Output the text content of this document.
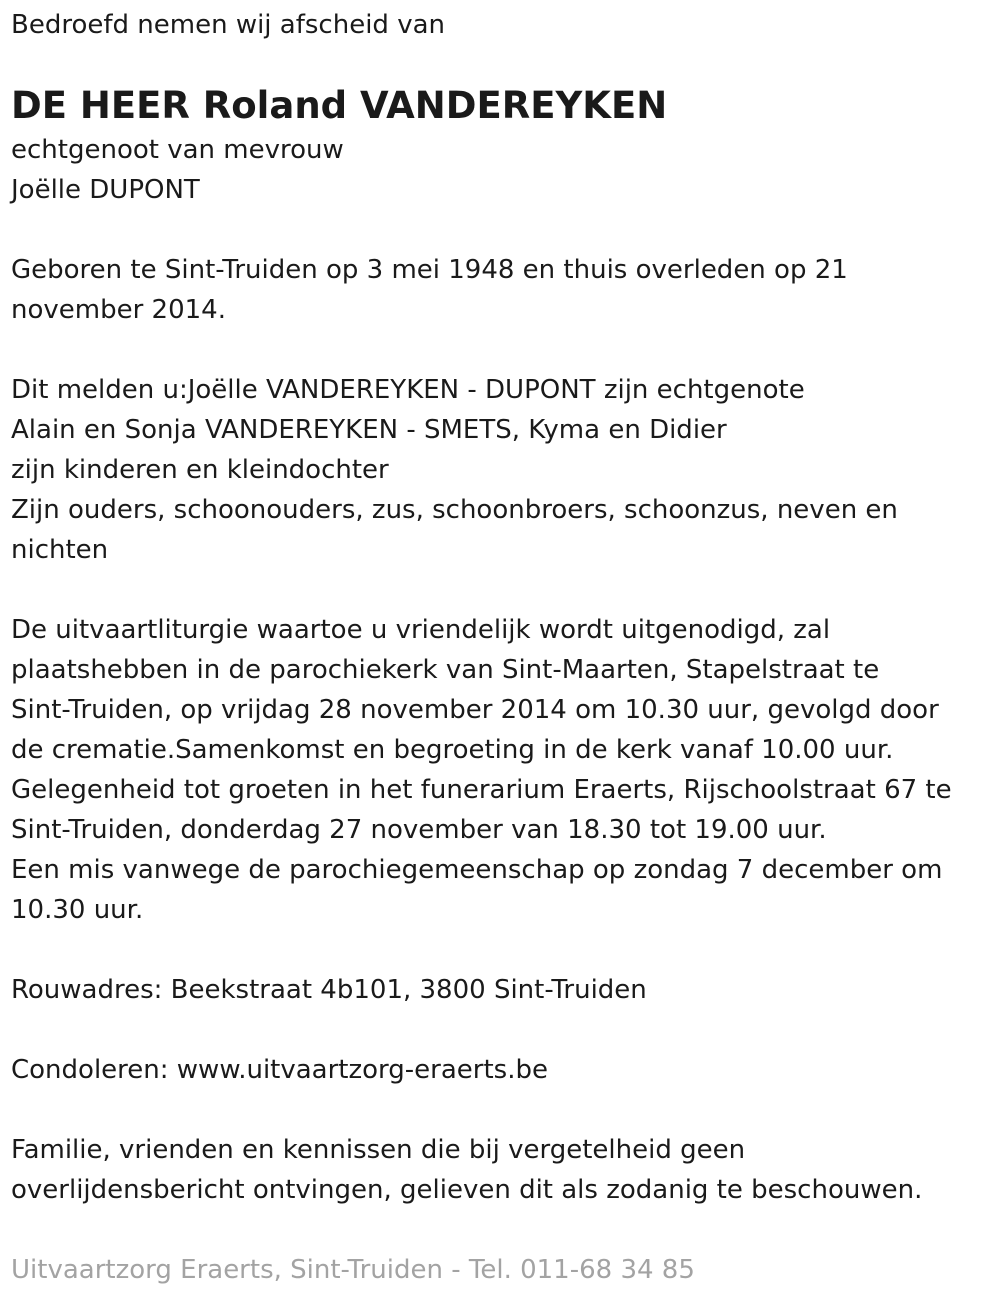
Bedroefd nemen wij afscheid van
DE HEER Roland VANDEREYKEN
echtgenoot van mevrouw
Joëlle DUPONT
Geboren te Sint-Truiden op 3 mei 1948 en thuis overleden op 21
november 2014.
Dit melden u:Joëlle VANDEREYKEN - DUPONT zijn echtgenote
Alain en Sonja VANDEREYKEN - SMETS, Kyma en Didier
zijn kinderen en kleindochter
Zijn ouders, schoonouders, zus, schoonbroers, schoonzus, neven en
nichten
De uitvaartliturgie waartoe u vriendelijk wordt uitgenodigd, zal
plaatshebben in de parochiekerk van Sint-Maarten, Stapelstraat te
Sint-Truiden, op vrijdag 28 november 2014 om 10.30 uur, gevolgd door
de crematie.Samenkomst en begroeting in de kerk vanaf 10.00 uur.
Gelegenheid tot groeten in het funerarium Eraerts, Rijschoolstraat 67 te
Sint-Truiden, donderdag 27 november van 18.30 tot 19.00 uur.
Een mis vanwege de parochiegemeenschap op zondag 7 december om
10.30 uur.
Rouwadres: Beekstraat 4b101, 3800 Sint-Truiden
Condoleren: www.uitvaartzorg-eraerts.be
Familie, vrienden en kennissen die bij vergetelheid geen
overlijdensbericht ontvingen, gelieven dit als zodanig te beschouwen.
Uitvaartzorg Eraerts, Sint-Truiden - Tel. 011-68 34 85
